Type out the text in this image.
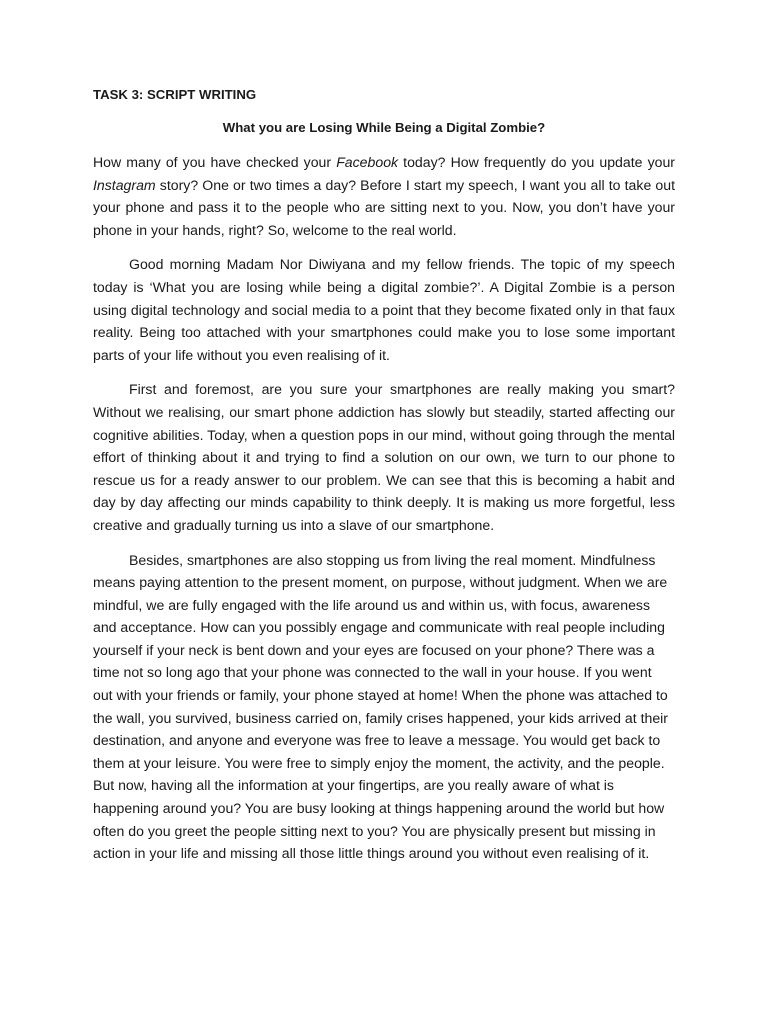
TASK 3: SCRIPT WRITING

What you are Losing While Being a Digital Zombie?

How many of you have checked your Facebook today? How frequently do you update your Instagram story? One or two times a day? Before I start my speech, I want you all to take out your phone and pass it to the people who are sitting next to you. Now, you don’t have your phone in your hands, right? So, welcome to the real world.

Good morning Madam Nor Diwiyana and my fellow friends. The topic of my speech today is ‘What you are losing while being a digital zombie?’. A Digital Zombie is a person using digital technology and social media to a point that they become fixated only in that faux reality. Being too attached with your smartphones could make you to lose some important parts of your life without you even realising of it.

First and foremost, are you sure your smartphones are really making you smart? Without we realising, our smart phone addiction has slowly but steadily, started affecting our cognitive abilities. Today, when a question pops in our mind, without going through the mental effort of thinking about it and trying to find a solution on our own, we turn to our phone to rescue us for a ready answer to our problem. We can see that this is becoming a habit and day by day affecting our minds capability to think deeply. It is making us more forgetful, less creative and gradually turning us into a slave of our smartphone.

Besides, smartphones are also stopping us from living the real moment. Mindfulness means paying attention to the present moment, on purpose, without judgment. When we are mindful, we are fully engaged with the life around us and within us, with focus, awareness and acceptance. How can you possibly engage and communicate with real people including yourself if your neck is bent down and your eyes are focused on your phone? There was a time not so long ago that your phone was connected to the wall in your house. If you went out with your friends or family, your phone stayed at home! When the phone was attached to the wall, you survived, business carried on, family crises happened, your kids arrived at their destination, and anyone and everyone was free to leave a message. You would get back to them at your leisure. You were free to simply enjoy the moment, the activity, and the people. But now, having all the information at your fingertips, are you really aware of what is happening around you? You are busy looking at things happening around the world but how often do you greet the people sitting next to you? You are physically present but missing in action in your life and missing all those little things around you without even realising of it.
